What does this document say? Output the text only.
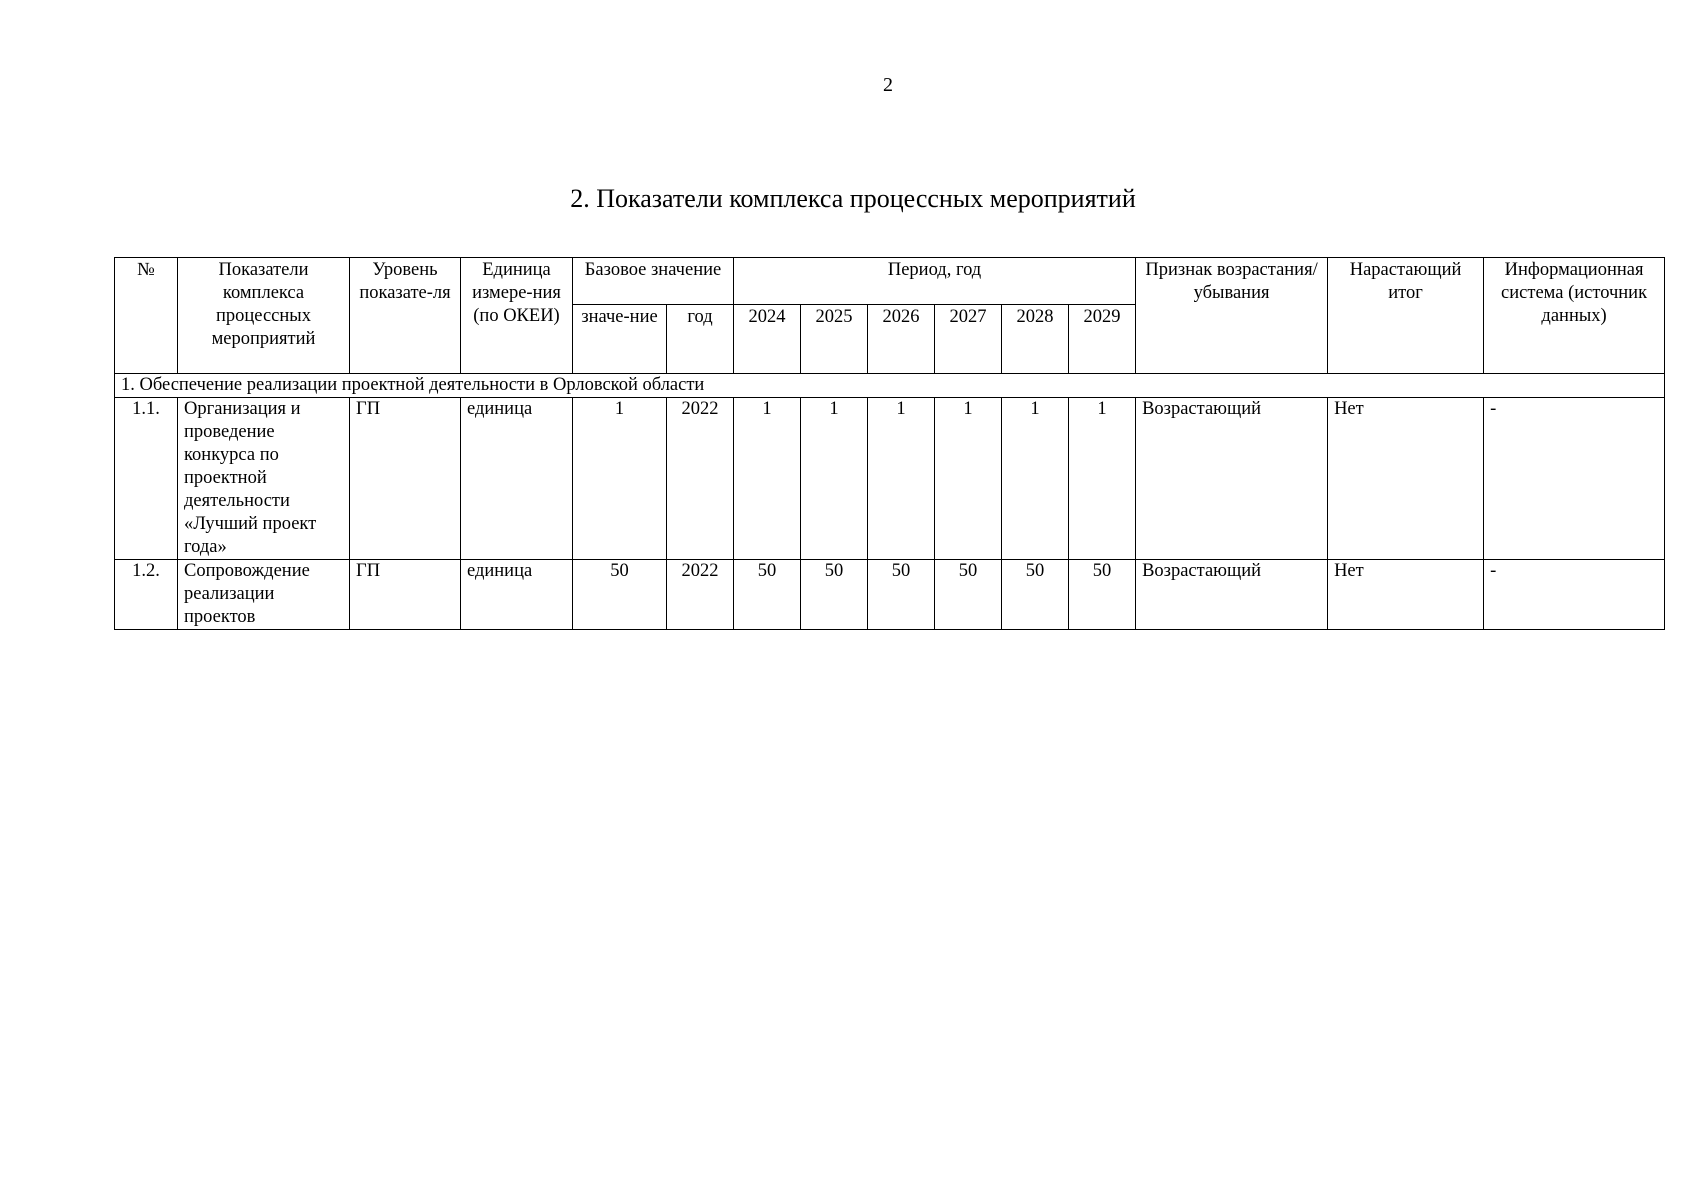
2
2. Показатели комплекса процессных мероприятий
№	Показатели комплекса процессных мероприятий	Уровень показате-ля	Единица измере-ния (по ОКЕИ)	Базовое значение		Период, год						Признак возрастания/ убывания	Нарастающий итог	Информационная система (источник данных)
				значе-ние	год	2024	2025	2026	2027	2028	2029			
1. Обеспечение реализации проектной деятельности в Орловской области														
1.1.	Организация и проведение конкурса по проектной деятельности «Лучший проект года»	ГП	единица	1	2022	1	1	1	1	1	1	Возрастающий	Нет	-
1.2.	Сопровождение реализации проектов	ГП	единица	50	2022	50	50	50	50	50	50	Возрастающий	Нет	-
